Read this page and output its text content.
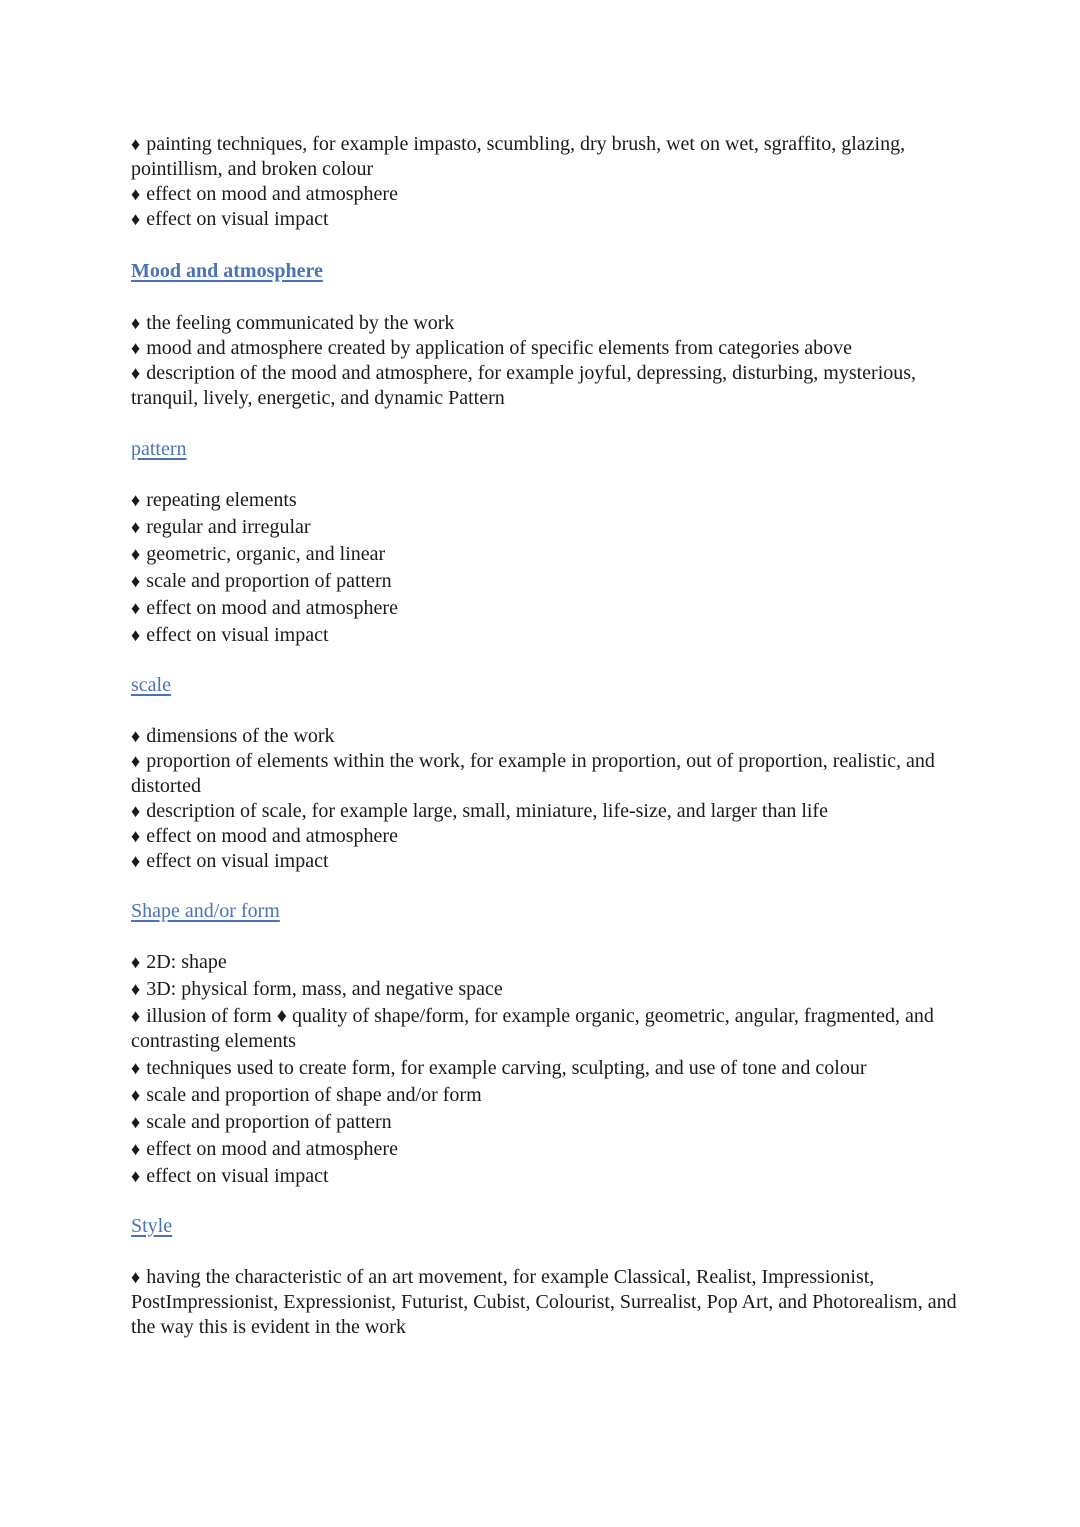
♦ painting techniques, for example impasto, scumbling, dry brush, wet on wet, sgraffito, glazing, pointillism, and broken colour

♦ effect on mood and atmosphere

♦ effect on visual impact

Mood and atmosphere

♦ the feeling communicated by the work

♦ mood and atmosphere created by application of specific elements from categories above

♦ description of the mood and atmosphere, for example joyful, depressing, disturbing, mysterious, tranquil, lively, energetic, and dynamic Pattern

pattern

♦ repeating elements

♦ regular and irregular

♦ geometric, organic, and linear

♦ scale and proportion of pattern

♦ effect on mood and atmosphere

♦ effect on visual impact

scale

♦ dimensions of the work

♦ proportion of elements within the work, for example in proportion, out of proportion, realistic, and distorted

♦ description of scale, for example large, small, miniature, life-size, and larger than life

♦ effect on mood and atmosphere

♦ effect on visual impact

Shape and/or form

♦ 2D: shape

♦ 3D: physical form, mass, and negative space

♦ illusion of form ♦ quality of shape/form, for example organic, geometric, angular, fragmented, and contrasting elements

♦ techniques used to create form, for example carving, sculpting, and use of tone and colour

♦ scale and proportion of shape and/or form

♦ scale and proportion of pattern

♦ effect on mood and atmosphere

♦ effect on visual impact

Style

♦ having the characteristic of an art movement, for example Classical, Realist, Impressionist, PostImpressionist, Expressionist, Futurist, Cubist, Colourist, Surrealist, Pop Art, and Photorealism, and the way this is evident in the work
